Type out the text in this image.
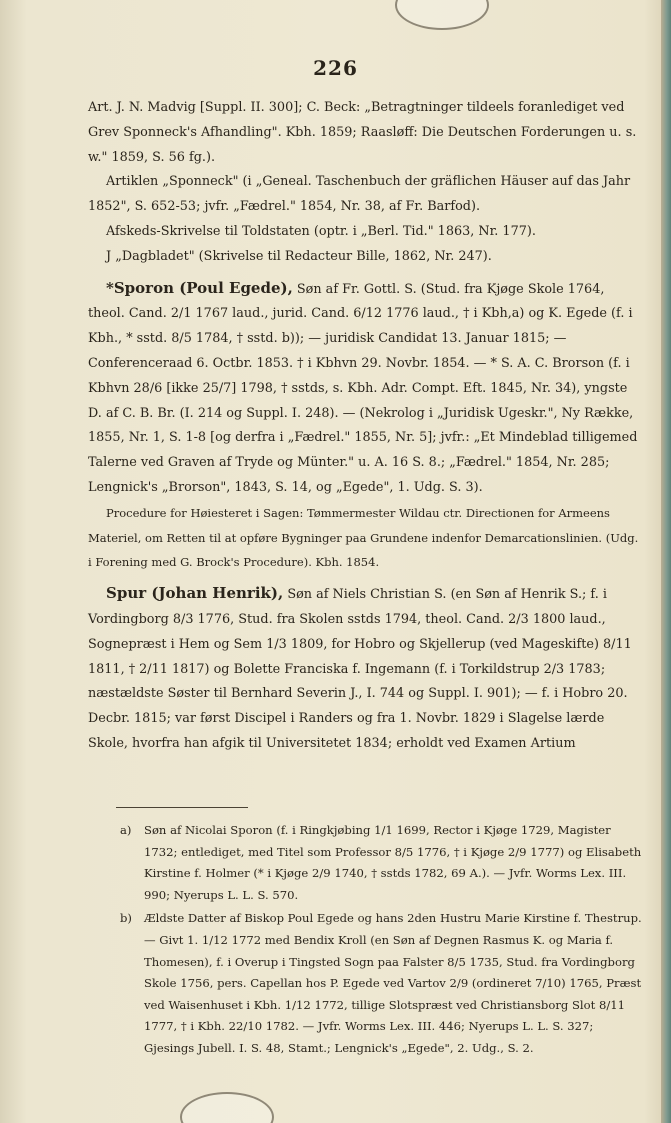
226

Art. J. N. Madvig [Suppl. II. 300]; C. Beck: „Betragtninger tildeels foranlediget ved Grev Sponneck's Afhandling". Kbh. 1859; Raasløff: Die Deutschen Forderungen u. s. w." 1859, S. 56 fg.).

Artiklen „Sponneck" (i „Geneal. Taschenbuch der gräflichen Häuser auf das Jahr 1852", S. 652-53; jvfr. „Fædrel." 1854, Nr. 38, af Fr. Barfod).

Afskeds-Skrivelse til Toldstaten (optr. i „Berl. Tid." 1863, Nr. 177).

J „Dagbladet" (Skrivelse til Redacteur Bille, 1862, Nr. 247).

*Sporon (Poul Egede), Søn af Fr. Gottl. S. (Stud. fra Kjøge Skole 1764, theol. Cand. 2/1 1767 laud., jurid. Cand. 6/12 1776 laud., † i Kbh,a) og K. Egede (f. i Kbh., * sstd. 8/5 1784, † sstd. b)); — juridisk Candidat 13. Januar 1815; — Conferenceraad 6. Octbr. 1853. † i Kbhvn 29. Novbr. 1854. — * S. A. C. Brorson (f. i Kbhvn 28/6 [ikke 25/7] 1798, † sstds, s. Kbh. Adr. Compt. Eft. 1845, Nr. 34), yngste D. af C. B. Br. (I. 214 og Suppl. I. 248). — (Nekrolog i „Juridisk Ugeskr.", Ny Række, 1855, Nr. 1, S. 1-8 [og derfra i „Fædrel." 1855, Nr. 5]; jvfr.: „Et Mindeblad tilligemed Talerne ved Graven af Tryde og Münter." u. A. 16 S. 8.; „Fædrel." 1854, Nr. 285; Lengnick's „Brorson", 1843, S. 14, og „Egede", 1. Udg. S. 3).

Procedure for Høiesteret i Sagen: Tømmermester Wildau ctr. Directionen for Armeens Materiel, om Retten til at opføre Bygninger paa Grundene indenfor Demarcationslinien. (Udg. i Forening med G. Brock's Procedure). Kbh. 1854.

Spur (Johan Henrik), Søn af Niels Christian S. (en Søn af Henrik S.; f. i Vordingborg 8/3 1776, Stud. fra Skolen sstds 1794, theol. Cand. 2/3 1800 laud., Sognepræst i Hem og Sem 1/3 1809, for Hobro og Skjellerup (ved Mageskifte) 8/11 1811, † 2/11 1817) og Bolette Franciska f. Ingemann (f. i Torkildstrup 2/3 1783; næstældste Søster til Bernhard Severin J., I. 744 og Suppl. I. 901); — f. i Hobro 20. Decbr. 1815; var først Discipel i Randers og fra 1. Novbr. 1829 i Slagelse lærde Skole, hvorfra han afgik til Universitetet 1834; erholdt ved Examen Artium

a)	Søn af Nicolai Sporon (f. i Ringkjøbing 1/1 1699, Rector i Kjøge 1729, Magister 1732; entlediget, med Titel som Professor 8/5 1776, † i Kjøge 2/9 1777) og Elisabeth Kirstine f. Holmer (* i Kjøge 2/9 1740, † sstds 1782, 69 A.). — Jvfr. Worms Lex. III. 990; Nyerups L. L. S. 570.
b)	Ældste Datter af Biskop Poul Egede og hans 2den Hustru Marie Kirstine f. Thestrup. — Givt 1. 1/12 1772 med Bendix Kroll (en Søn af Degnen Rasmus K. og Maria f. Thomesen), f. i Overup i Tingsted Sogn paa Falster 8/5 1735, Stud. fra Vordingborg Skole 1756, pers. Capellan hos P. Egede ved Vartov 2/9 (ordineret 7/10) 1765, Præst ved Waisenhuset i Kbh. 1/12 1772, tillige Slotspræst ved Christiansborg Slot 8/11 1777, † i Kbh. 22/10 1782. — Jvfr. Worms Lex. III. 446; Nyerups L. L. S. 327; Gjesings Jubell. I. S. 48, Stamt.; Lengnick's „Egede", 2. Udg., S. 2.
